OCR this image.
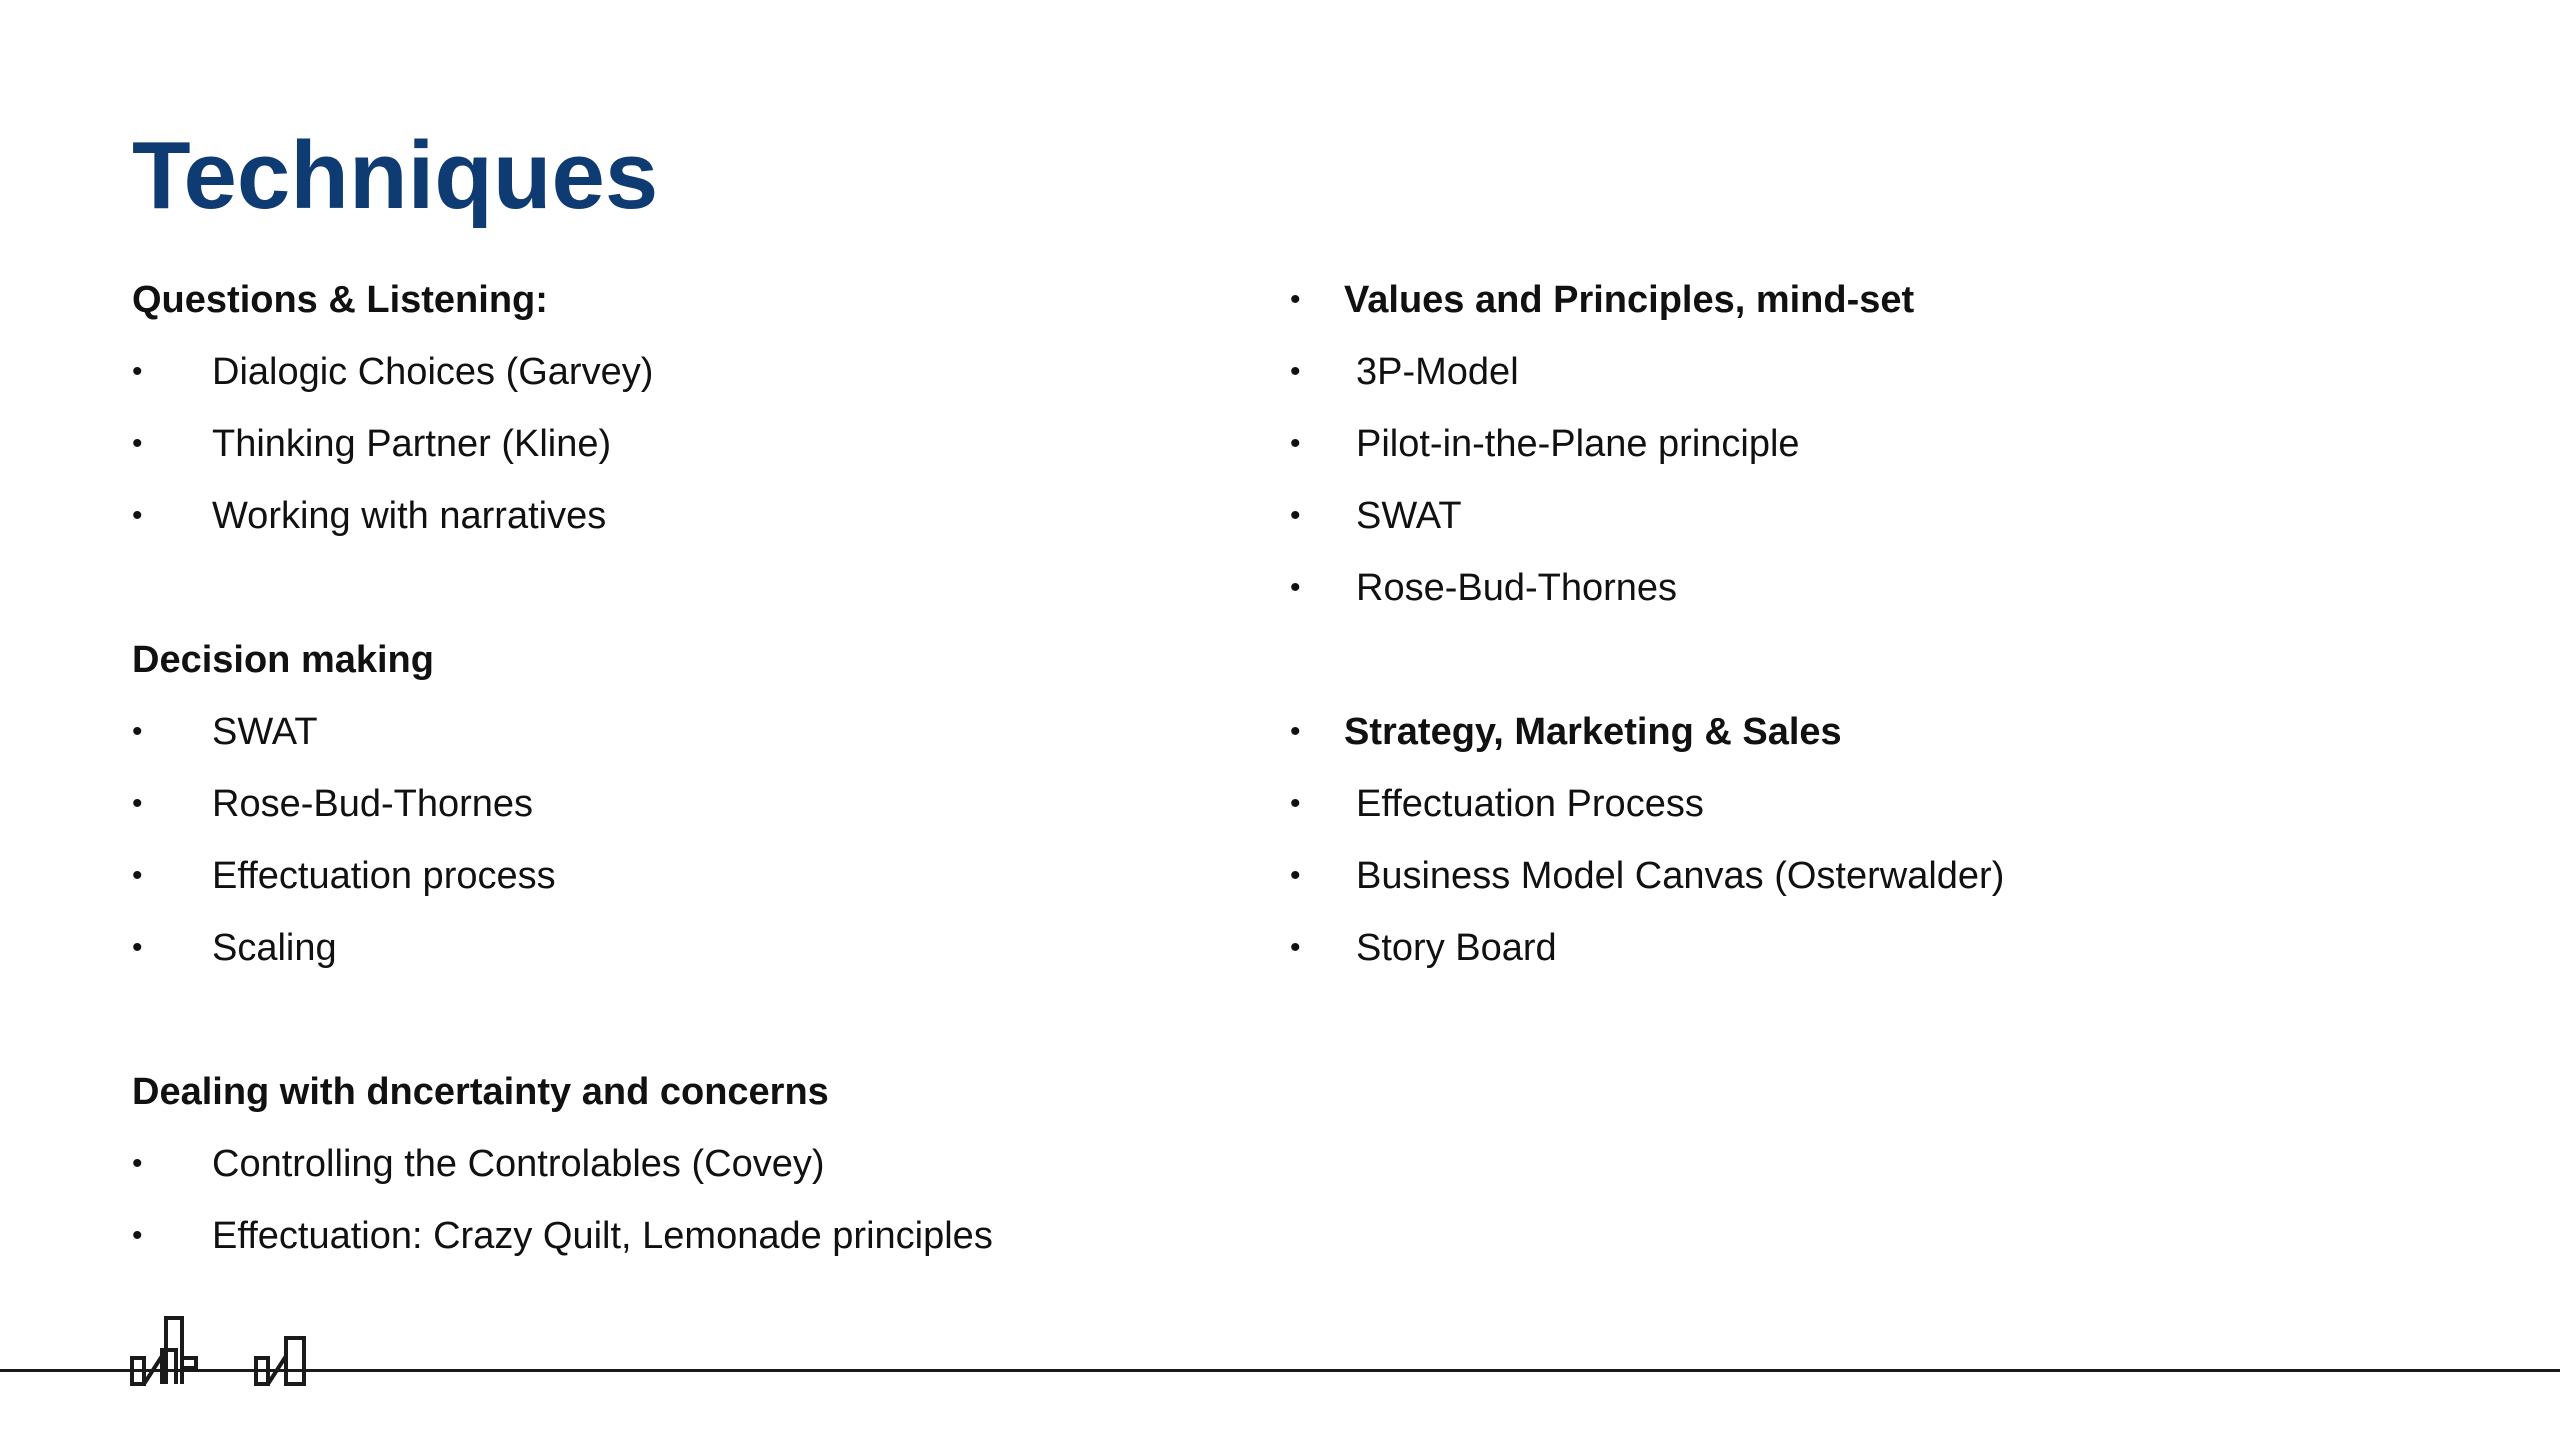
Techniques
Questions & Listening:
• Dialogic Choices (Garvey)
• Thinking Partner (Kline)
• Working with narratives
Decision making
• SWAT
• Rose-Bud-Thornes
• Effectuation process
• Scaling
Dealing with dncertainty and concerns
• Controlling the Controlables (Covey)
• Effectuation: Crazy Quilt, Lemonade principles
• Values and Principles, mind-set
• 3P-Model
• Pilot-in-the-Plane principle
• SWAT
• Rose-Bud-Thornes
• Strategy, Marketing & Sales
• Effectuation Process
• Business Model Canvas (Osterwalder)
• Story Board
